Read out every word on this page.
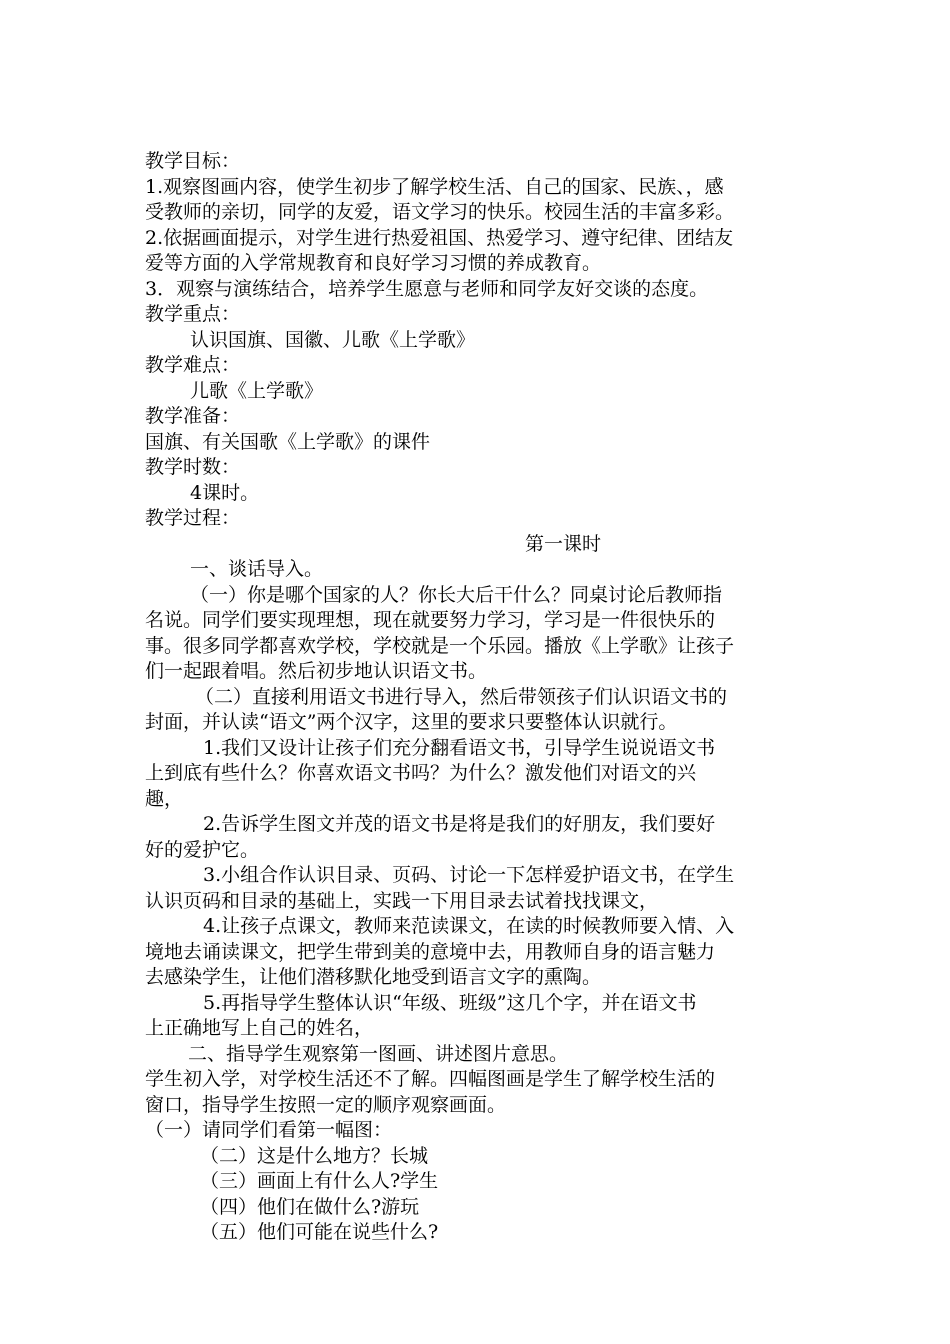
教学目标：
1.观察图画内容，使学生初步了解学校生活、自己的国家、民族、，感
受教师的亲切，同学的友爱，语文学习的快乐。校园生活的丰富多彩。
2.依据画面提示，对学生进行热爱祖国、热爱学习、遵守纪律、团结友
爱等方面的入学常规教育和良好学习习惯的养成教育。
3．观察与演练结合，培养学生愿意与老师和同学友好交谈的态度。
教学重点：
认识国旗、国徽、儿歌《上学歌》
教学难点：
儿歌《上学歌》
教学准备：
国旗、有关国歌《上学歌》的课件
教学时数：
4课时。
教学过程：
第一课时
一、谈话导入。
（一）你是哪个国家的人？你长大后干什么？同桌讨论后教师指
名说。同学们要实现理想，现在就要努力学习，学习是一件很快乐的
事。很多同学都喜欢学校，学校就是一个乐园。播放《上学歌》让孩子
们一起跟着唱。然后初步地认识语文书。
（二）直接利用语文书进行导入，然后带领孩子们认识语文书的
封面，并认读“语文”两个汉字，这里的要求只要整体认识就行。
1.我们又设计让孩子们充分翻看语文书，引导学生说说语文书
上到底有些什么？你喜欢语文书吗？为什么？激发他们对语文的兴
趣，
2.告诉学生图文并茂的语文书是将是我们的好朋友，我们要好
好的爱护它。
3.小组合作认识目录、页码、讨论一下怎样爱护语文书，在学生
认识页码和目录的基础上，实践一下用目录去试着找找课文，
4.让孩子点课文，教师来范读课文，在读的时候教师要入情、入
境地去诵读课文，把学生带到美的意境中去，用教师自身的语言魅力
去感染学生，让他们潜移默化地受到语言文字的熏陶。
5.再指导学生整体认识“年级、班级”这几个字，并在语文书
上正确地写上自己的姓名，
二、指导学生观察第一图画、讲述图片意思。
学生初入学，对学校生活还不了解。四幅图画是学生了解学校生活的
窗口，指导学生按照一定的顺序观察画面。
（一）请同学们看第一幅图：
（二）这是什么地方？长城
（三）画面上有什么人?学生
（四）他们在做什么?游玩
（五）他们可能在说些什么?
